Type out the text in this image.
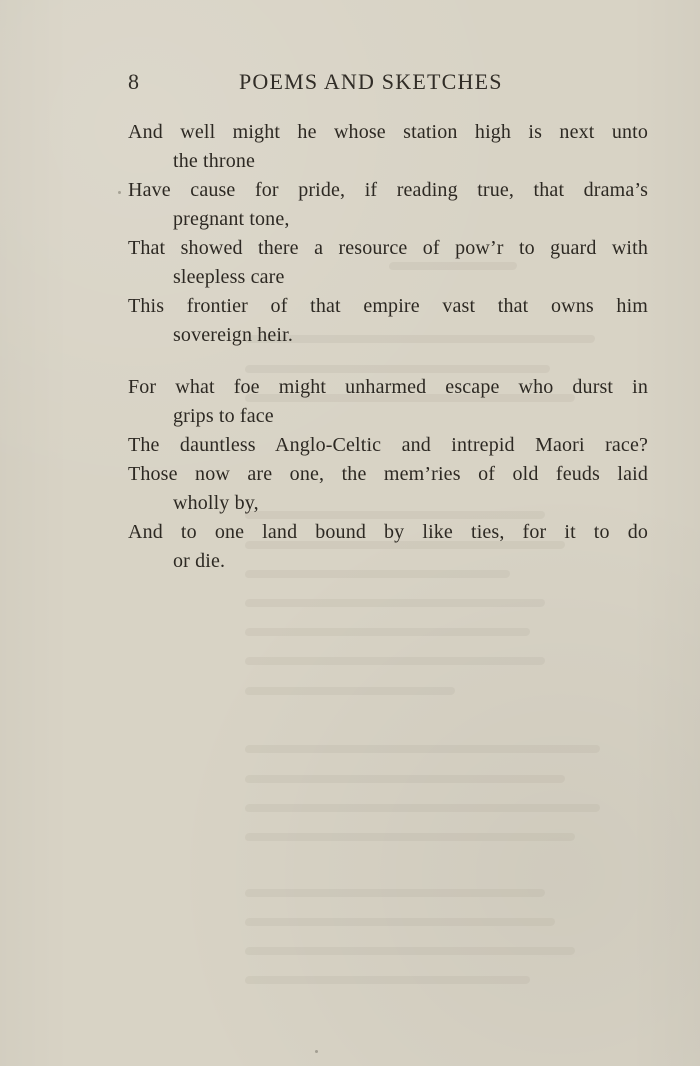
8	POEMS AND SKETCHES

And well might he whose station high is next unto

the throne

Have cause for pride, if reading true, that drama’s

pregnant tone,

That showed there a resource of pow’r to guard with

sleepless care

This frontier of that empire vast that owns him

sovereign heir.

For what foe might unharmed escape who durst in

grips to face

The dauntless Anglo-Celtic and intrepid Maori race?

Those now are one, the mem’ries of old feuds laid

wholly by,

And to one land bound by like ties, for it to do

or die.
